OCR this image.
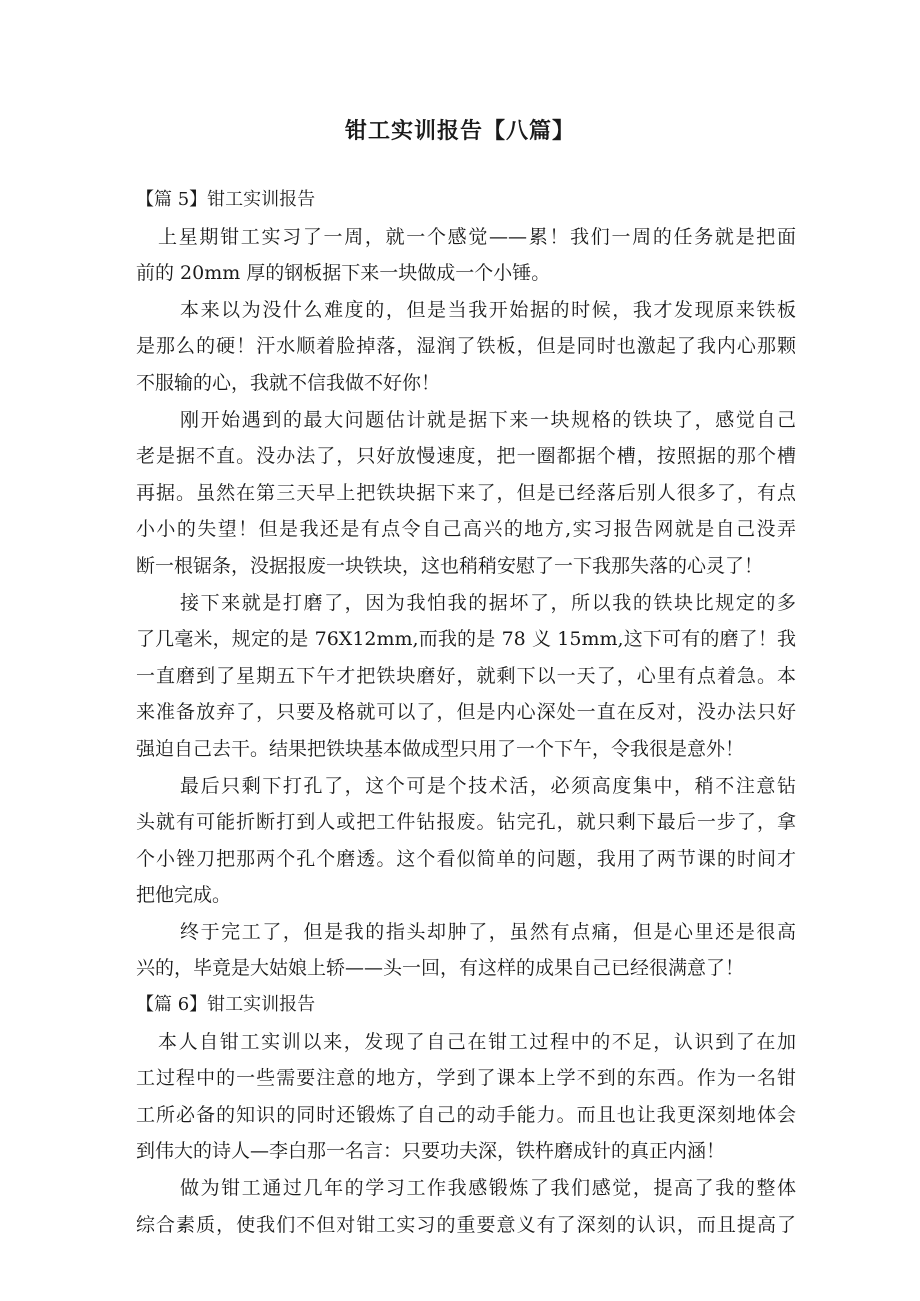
钳工实训报告【八篇】
【篇 5】钳工实训报告
上星期钳工实习了一周，就一个感觉——累！我们一周的任务就是把面
前的 20mm 厚的钢板据下来一块做成一个小锤。
本来以为没什么难度的，但是当我开始据的时候，我才发现原来铁板
是那么的硬！汗水顺着脸掉落，湿润了铁板，但是同时也激起了我内心那颗
不服输的心，我就不信我做不好你！
刚开始遇到的最大问题估计就是据下来一块规格的铁块了，感觉自己
老是据不直。没办法了，只好放慢速度，把一圈都据个槽，按照据的那个槽
再据。虽然在第三天早上把铁块据下来了，但是已经落后别人很多了，有点
小小的失望！但是我还是有点令自己高兴的地方,实习报告网就是自己没弄
断一根锯条，没据报废一块铁块，这也稍稍安慰了一下我那失落的心灵了！
接下来就是打磨了，因为我怕我的据坏了，所以我的铁块比规定的多
了几毫米，规定的是 76X12mm,而我的是 78 义 15mm,这下可有的磨了！我
一直磨到了星期五下午才把铁块磨好，就剩下以一天了，心里有点着急。本
来准备放弃了，只要及格就可以了，但是内心深处一直在反对，没办法只好
强迫自己去干。结果把铁块基本做成型只用了一个下午，令我很是意外！
最后只剩下打孔了，这个可是个技术活，必须高度集中，稍不注意钻
头就有可能折断打到人或把工件钻报废。钻完孔，就只剩下最后一步了，拿
个小锉刀把那两个孔个磨透。这个看似简单的问题，我用了两节课的时间才
把他完成。
终于完工了，但是我的指头却肿了，虽然有点痛，但是心里还是很高
兴的，毕竟是大姑娘上轿——头一回，有这样的成果自己已经很满意了！
【篇 6】钳工实训报告
本人自钳工实训以来，发现了自己在钳工过程中的不足，认识到了在加
工过程中的一些需要注意的地方，学到了课本上学不到的东西。作为一名钳
工所必备的知识的同时还锻炼了自己的动手能力。而且也让我更深刻地体会
到伟大的诗人—李白那一名言：只要功夫深，铁杵磨成针的真正内涵！
做为钳工通过几年的学习工作我感锻炼了我们感觉，提高了我的整体
综合素质，使我们不但对钳工实习的重要意义有了深刻的认识，而且提高了
